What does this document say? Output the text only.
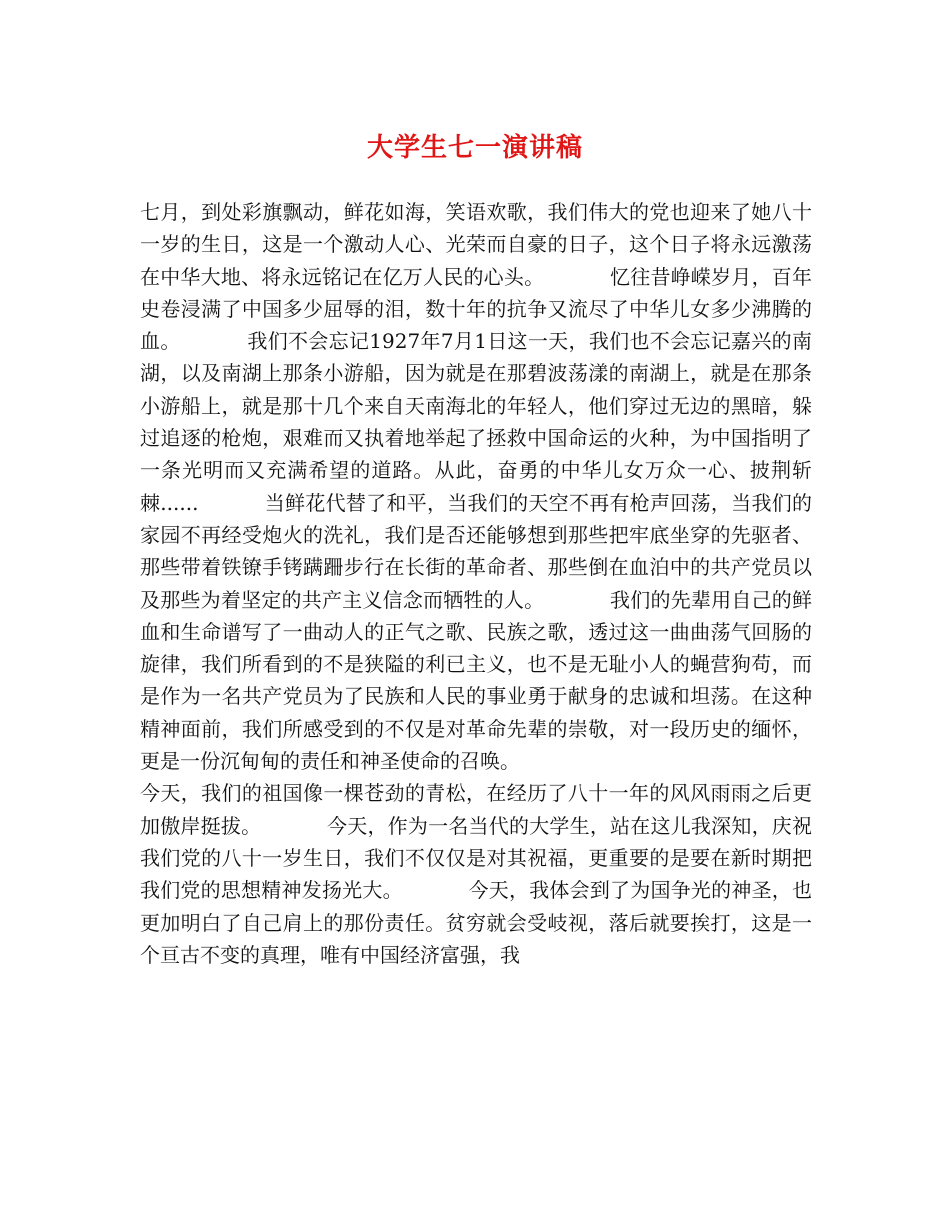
大学生七一演讲稿

七月，到处彩旗飘动，鲜花如海，笑语欢歌，我们伟大的党也迎来了她八十一岁的生日，这是一个激动人心、光荣而自豪的日子，这个日子将永远激荡在中华大地、将永远铭记在亿万人民的心头。          忆往昔峥嵘岁月，百年史卷浸满了中国多少屈辱的泪，数十年的抗争又流尽了中华儿女多少沸腾的血。          我们不会忘记1927年7月1日这一天，我们也不会忘记嘉兴的南湖，以及南湖上那条小游船，因为就是在那碧波荡漾的南湖上，就是在那条小游船上，就是那十几个来自天南海北的年轻人，他们穿过无边的黑暗，躲过追逐的枪炮，艰难而又执着地举起了拯救中国命运的火种，为中国指明了一条光明而又充满希望的道路。从此，奋勇的中华儿女万众一心、披荆斩棘......          当鲜花代替了和平，当我们的天空不再有枪声回荡，当我们的家园不再经受炮火的洗礼，我们是否还能够想到那些把牢底坐穿的先驱者、那些带着铁镣手铐蹒跚步行在长街的革命者、那些倒在血泊中的共产党员以及那些为着坚定的共产主义信念而牺牲的人。          我们的先辈用自己的鲜血和生命谱写了一曲动人的正气之歌、民族之歌，透过这一曲曲荡气回肠的旋律，我们所看到的不是狭隘的利已主义，也不是无耻小人的蝇营狗苟，而是作为一名共产党员为了民族和人民的事业勇于献身的忠诚和坦荡。在这种精神面前，我们所感受到的不仅是对革命先辈的崇敬，对一段历史的缅怀，更是一份沉甸甸的责任和神圣使命的召唤。

今天，我们的祖国像一棵苍劲的青松，在经历了八十一年的风风雨雨之后更加傲岸挺拔。          今天，作为一名当代的大学生，站在这儿我深知，庆祝我们党的八十一岁生日，我们不仅仅是对其祝福，更重要的是要在新时期把我们党的思想精神发扬光大。          今天，我体会到了为国争光的神圣，也更加明白了自己肩上的那份责任。贫穷就会受岐视，落后就要挨打，这是一个亘古不变的真理，唯有中国经济富强，我
